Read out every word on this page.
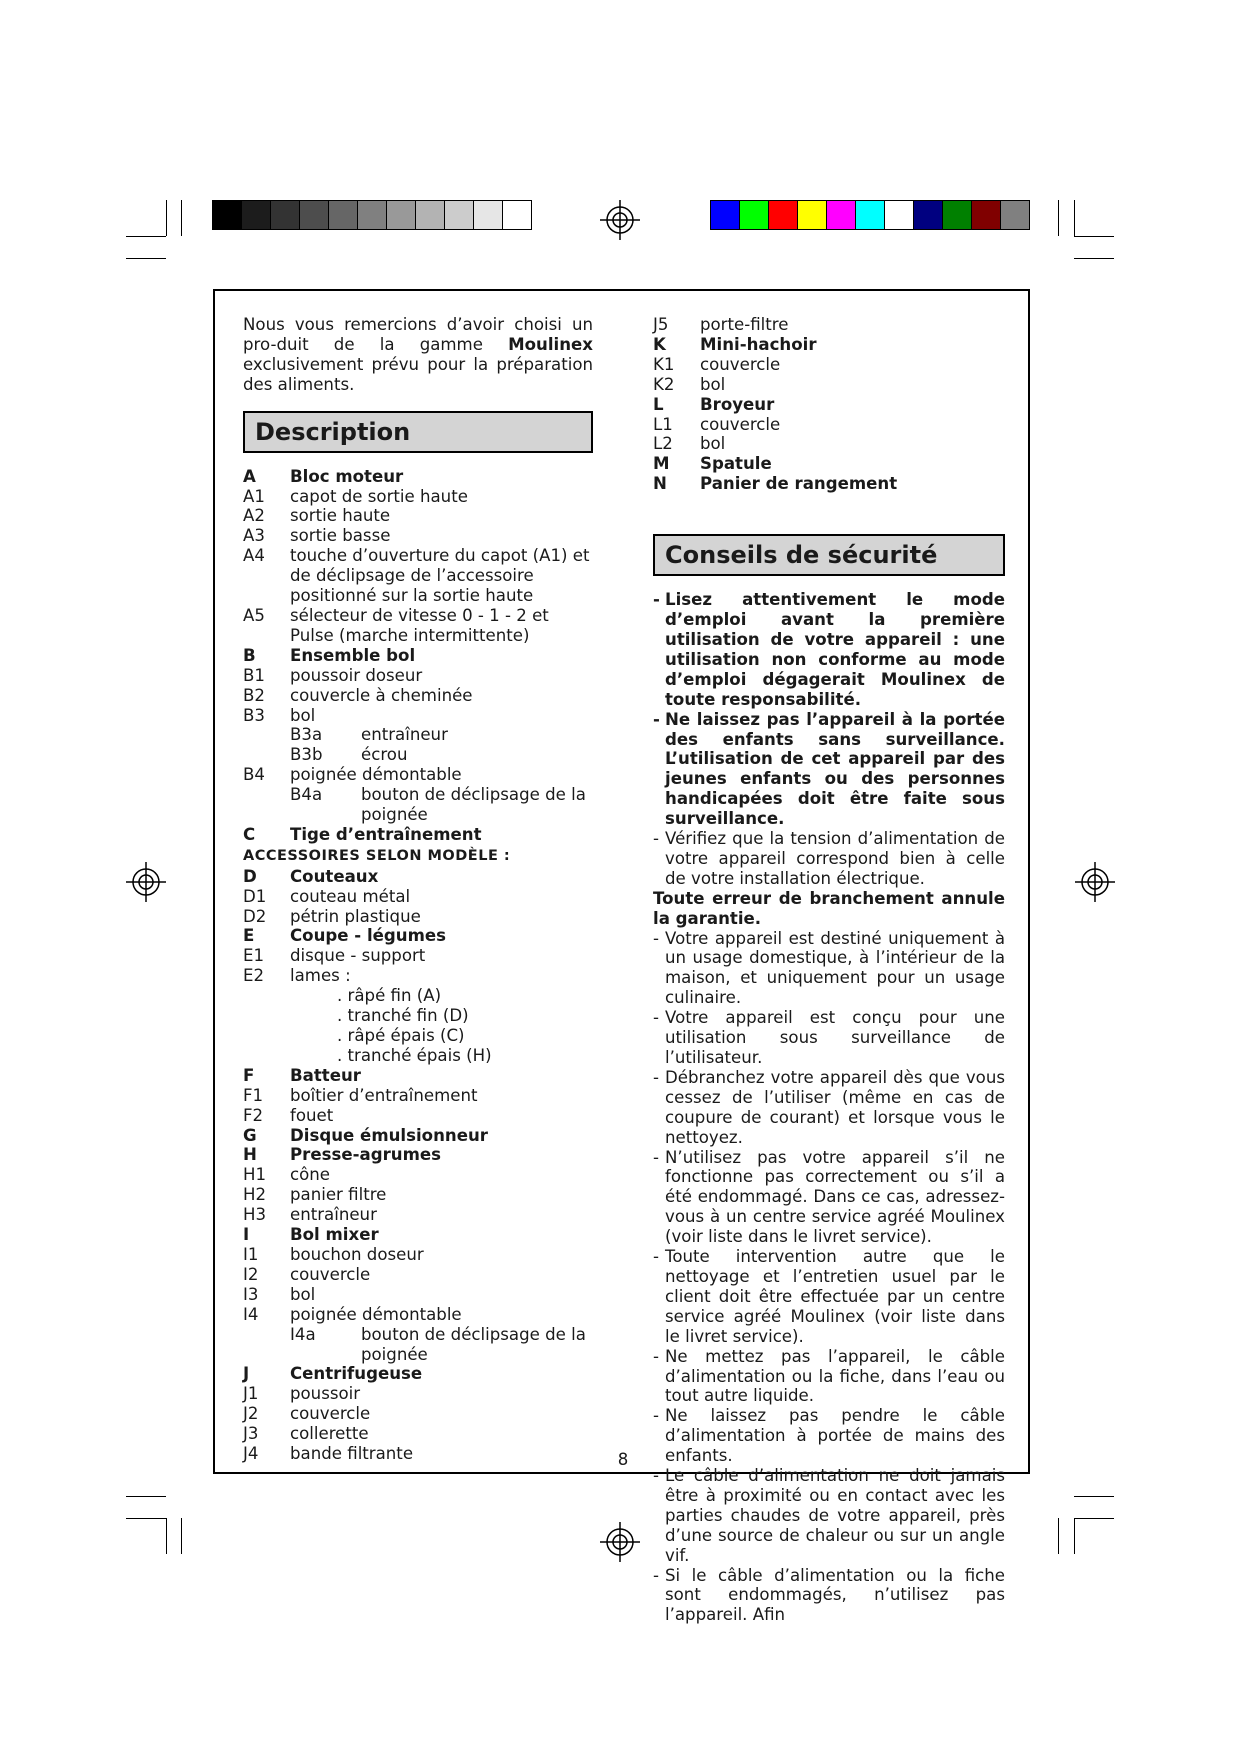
Nous vous remercions d’avoir choisi un pro-duit de la gamme Moulinex exclusivement prévu pour la préparation des aliments.

Description
A	Bloc moteur
A1	capot de sortie haute
A2	sortie haute
A3	sortie basse
A4	touche d’ouverture du capot (A1) et de déclipsage de l’accessoire positionné sur la sortie haute
A5	sélecteur de vitesse 0 - 1 - 2 et Pulse (marche intermittente)
B	Ensemble bol
B1	poussoir doseur
B2	couvercle à cheminée
B3	bol
B3a	entraîneur
B3b	écrou
B4	poignée démontable
B4a	bouton de déclipsage de la poignée
C	Tige d’entraînement
ACCESSOIRES SELON MODÈLE :
D	Couteaux
D1	couteau métal
D2	pétrin plastique
E	Coupe - légumes
E1	disque - support
E2	lames :
. râpé fin (A)
. tranché fin (D)
. râpé épais (C)
. tranché épais (H)
F	Batteur
F1	boîtier d’entraînement
F2	fouet
G	Disque émulsionneur
H	Presse-agrumes
H1	cône
H2	panier filtre
H3	entraîneur
I	Bol mixer
I1	bouchon doseur
I2	couvercle
I3	bol
I4	poignée démontable
I4a	bouton de déclipsage de la poignée
J	Centrifugeuse
J1	poussoir
J2	couvercle
J3	collerette
J4	bande filtrante
J5	porte-filtre
K	Mini-hachoir
K1	couvercle
K2	bol
L	Broyeur
L1	couvercle
L2	bol
M	Spatule
N	Panier de rangement
Conseils de sécurité
- Lisez attentivement le mode d’emploi avant la première utilisation de votre appareil : une utilisation non conforme au mode d’emploi dégagerait Moulinex de toute responsabilité.
- Ne laissez pas l’appareil à la portée des enfants sans surveillance. L’utilisation de cet appareil par des jeunes enfants ou des personnes handicapées doit être faite sous surveillance.
- Vérifiez que la tension d’alimentation de votre appareil correspond bien à celle de votre installation électrique.
Toute erreur de branchement annule la garantie.
- Votre appareil est destiné uniquement à un usage domestique, à l’intérieur de la maison, et uniquement pour un usage culinaire.
- Votre appareil est conçu pour une utilisation sous surveillance de l’utilisateur.
- Débranchez votre appareil dès que vous cessez de l’utiliser (même en cas de coupure de courant) et lorsque vous le nettoyez.
- N’utilisez pas votre appareil s’il ne fonctionne pas correctement ou s’il a été endommagé. Dans ce cas, adressez-vous à un centre service agréé Moulinex (voir liste dans le livret service).
- Toute intervention autre que le nettoyage et l’entretien usuel par le client doit être effectuée par un centre service agréé Moulinex (voir liste dans le livret service).
- Ne mettez pas l’appareil, le câble d’alimentation ou la fiche, dans l’eau ou tout autre liquide.
- Ne laissez pas pendre le câble d’alimentation à portée de mains des enfants.
- Le câble d’alimentation ne doit jamais être à proximité ou en contact avec les parties chaudes de votre appareil, près d’une source de chaleur ou sur un angle vif.
- Si le câble d’alimentation ou la fiche sont endommagés, n’utilisez pas l’appareil. Afin
8
